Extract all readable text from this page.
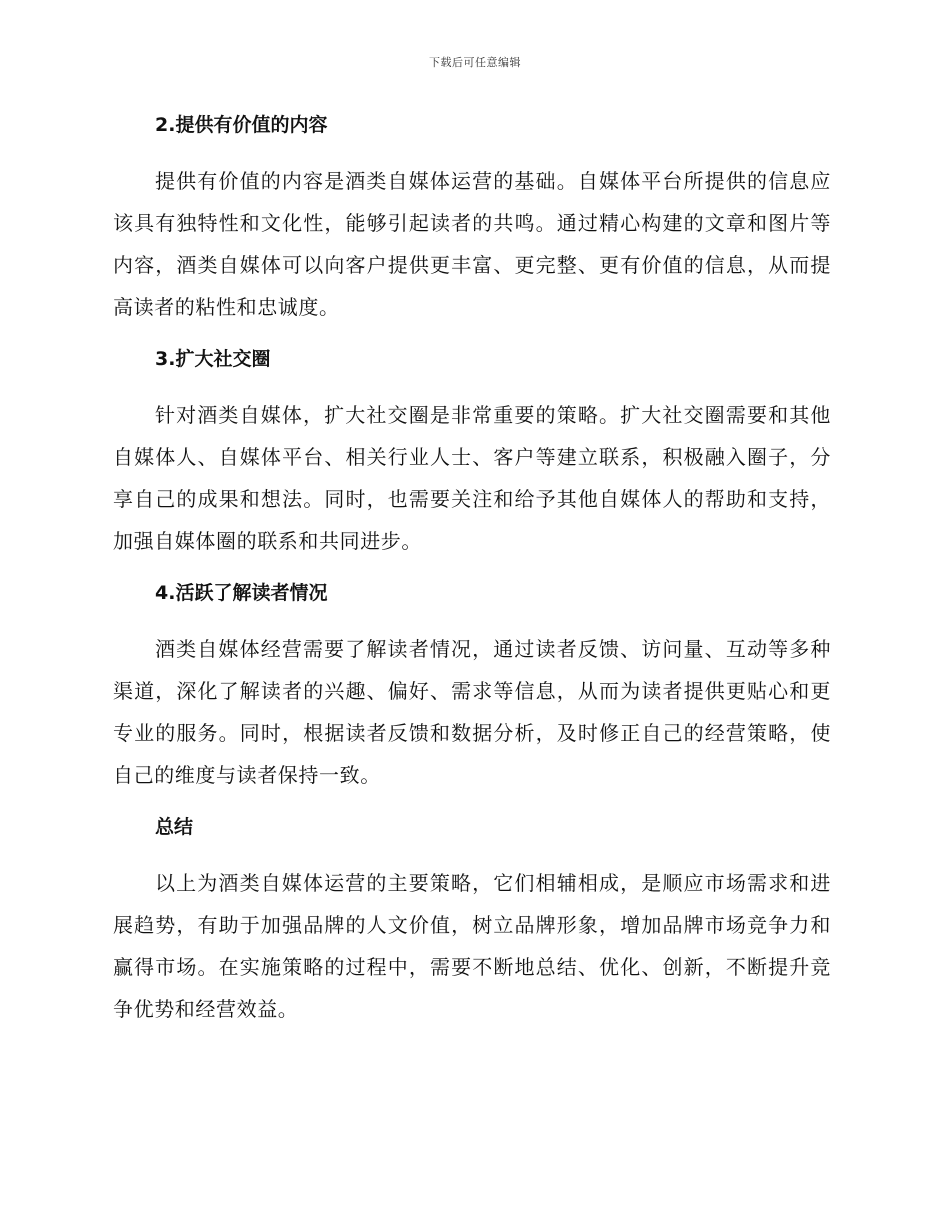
下载后可任意编辑
2.提供有价值的内容

提供有价值的内容是酒类自媒体运营的基础。自媒体平台所提供的信息应该具有独特性和文化性，能够引起读者的共鸣。通过精心构建的文章和图片等内容，酒类自媒体可以向客户提供更丰富、更完整、更有价值的信息，从而提高读者的粘性和忠诚度。

3.扩大社交圈

针对酒类自媒体，扩大社交圈是非常重要的策略。扩大社交圈需要和其他自媒体人、自媒体平台、相关行业人士、客户等建立联系，积极融入圈子，分享自己的成果和想法。同时，也需要关注和给予其他自媒体人的帮助和支持，加强自媒体圈的联系和共同进步。

4.活跃了解读者情况

酒类自媒体经营需要了解读者情况，通过读者反馈、访问量、互动等多种渠道，深化了解读者的兴趣、偏好、需求等信息，从而为读者提供更贴心和更专业的服务。同时，根据读者反馈和数据分析，及时修正自己的经营策略，使自己的维度与读者保持一致。

总结

以上为酒类自媒体运营的主要策略，它们相辅相成，是顺应市场需求和进展趋势，有助于加强品牌的人文价值，树立品牌形象，增加品牌市场竞争力和赢得市场。在实施策略的过程中，需要不断地总结、优化、创新，不断提升竞争优势和经营效益。
